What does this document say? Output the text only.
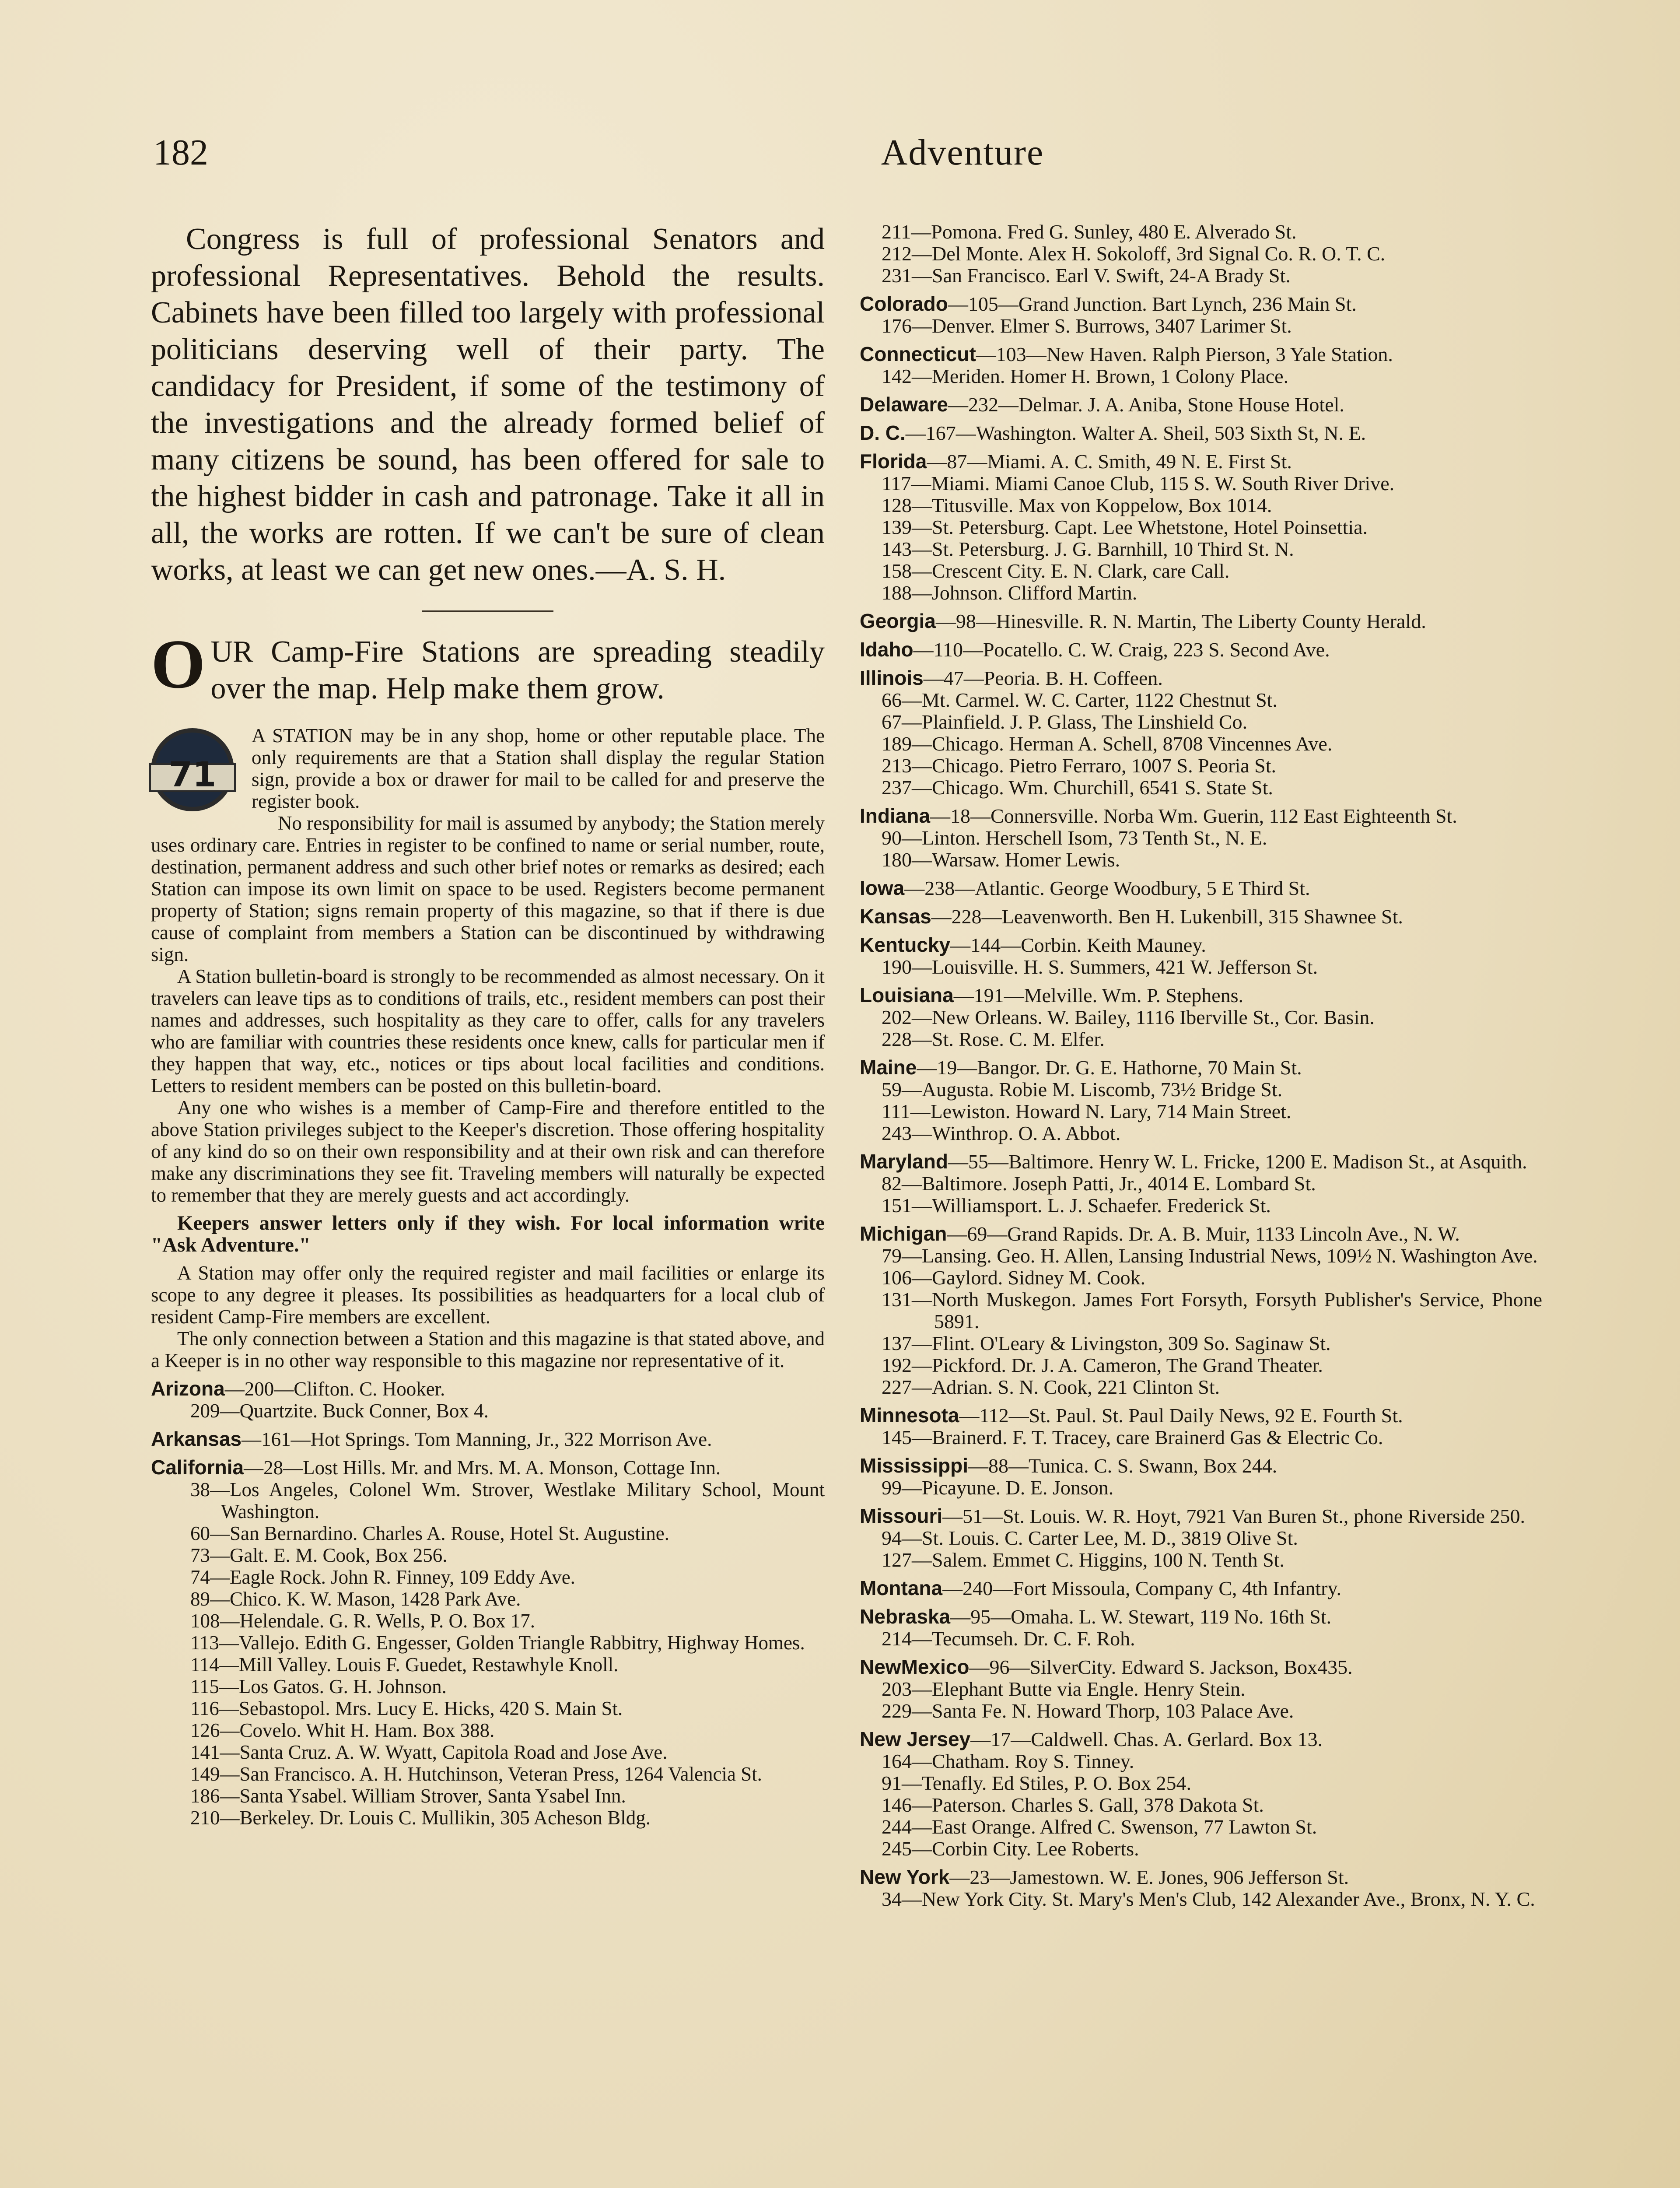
182	Adventure

Congress is full of professional Senators and professional Representatives. Behold the results. Cabinets have been filled too largely with professional politicians deserving well of their party. The candidacy for President, if some of the testimony of the investigations and the already formed belief of many citizens be sound, has been offered for sale to the highest bidder in cash and patronage. Take it all in all, the works are rotten. If we can't be sure of clean works, at least we can get new ones.—A. S. H.

OUR Camp-Fire Stations are spreading steadily over the map. Help make them grow.

71

A STATION may be in any shop, home or other reputable place. The only requirements are that a Station shall display the regular Station sign, provide a box or drawer for mail to be called for and preserve the register book.

No responsibility for mail is assumed by anybody; the Station merely uses ordinary care. Entries in register to be confined to name or serial number, route, destination, permanent address and such other brief notes or remarks as desired; each Station can impose its own limit on space to be used. Registers become permanent property of Station; signs remain property of this magazine, so that if there is due cause of complaint from members a Station can be discontinued by withdrawing sign.

A Station bulletin-board is strongly to be recommended as almost necessary. On it travelers can leave tips as to conditions of trails, etc., resident members can post their names and addresses, such hospitality as they care to offer, calls for any travelers who are familiar with countries these residents once knew, calls for particular men if they happen that way, etc., notices or tips about local facilities and conditions. Letters to resident members can be posted on this bulletin-board.

Any one who wishes is a member of Camp-Fire and therefore entitled to the above Station privileges subject to the Keeper's discretion. Those offering hospitality of any kind do so on their own responsibility and at their own risk and can therefore make any discriminations they see fit. Traveling members will naturally be expected to remember that they are merely guests and act accordingly.

Keepers answer letters only if they wish. For local information write "Ask Adventure."

A Station may offer only the required register and mail facilities or enlarge its scope to any degree it pleases. Its possibilities as headquarters for a local club of resident Camp-Fire members are excellent.

The only connection between a Station and this magazine is that stated above, and a Keeper is in no other way responsible to this magazine nor representative of it.

Arizona—200—Clifton. C. Hooker.

209—Quartzite. Buck Conner, Box 4.

Arkansas—161—Hot Springs. Tom Manning, Jr., 322 Morrison Ave.

California—28—Lost Hills. Mr. and Mrs. M. A. Monson, Cottage Inn.

38—Los Angeles, Colonel Wm. Strover, Westlake Military School, Mount Washington.

60—San Bernardino. Charles A. Rouse, Hotel St. Augustine.

73—Galt. E. M. Cook, Box 256.

74—Eagle Rock. John R. Finney, 109 Eddy Ave.

89—Chico. K. W. Mason, 1428 Park Ave.

108—Helendale. G. R. Wells, P. O. Box 17.

113—Vallejo. Edith G. Engesser, Golden Triangle Rabbitry, Highway Homes.

114—Mill Valley. Louis F. Guedet, Restawhyle Knoll.

115—Los Gatos. G. H. Johnson.

116—Sebastopol. Mrs. Lucy E. Hicks, 420 S. Main St.

126—Covelo. Whit H. Ham. Box 388.

141—Santa Cruz. A. W. Wyatt, Capitola Road and Jose Ave.

149—San Francisco. A. H. Hutchinson, Veteran Press, 1264 Valencia St.

186—Santa Ysabel. William Strover, Santa Ysabel Inn.

210—Berkeley. Dr. Louis C. Mullikin, 305 Acheson Bldg.

211—Pomona. Fred G. Sunley, 480 E. Alverado St.

212—Del Monte. Alex H. Sokoloff, 3rd Signal Co. R. O. T. C.

231—San Francisco. Earl V. Swift, 24-A Brady St.

Colorado—105—Grand Junction. Bart Lynch, 236 Main St.

176—Denver. Elmer S. Burrows, 3407 Larimer St.

Connecticut—103—New Haven. Ralph Pierson, 3 Yale Station.

142—Meriden. Homer H. Brown, 1 Colony Place.

Delaware—232—Delmar. J. A. Aniba, Stone House Hotel.

D. C.—167—Washington. Walter A. Sheil, 503 Sixth St, N. E.

Florida—87—Miami. A. C. Smith, 49 N. E. First St.

117—Miami. Miami Canoe Club, 115 S. W. South River Drive.

128—Titusville. Max von Koppelow, Box 1014.

139—St. Petersburg. Capt. Lee Whetstone, Hotel Poinsettia.

143—St. Petersburg. J. G. Barnhill, 10 Third St. N.

158—Crescent City. E. N. Clark, care Call.

188—Johnson. Clifford Martin.

Georgia—98—Hinesville. R. N. Martin, The Liberty County Herald.

Idaho—110—Pocatello. C. W. Craig, 223 S. Second Ave.

Illinois—47—Peoria. B. H. Coffeen.

66—Mt. Carmel. W. C. Carter, 1122 Chestnut St.

67—Plainfield. J. P. Glass, The Linshield Co.

189—Chicago. Herman A. Schell, 8708 Vincennes Ave.

213—Chicago. Pietro Ferraro, 1007 S. Peoria St.

237—Chicago. Wm. Churchill, 6541 S. State St.

Indiana—18—Connersville. Norba Wm. Guerin, 112 East Eighteenth St.

90—Linton. Herschell Isom, 73 Tenth St., N. E.

180—Warsaw. Homer Lewis.

Iowa—238—Atlantic. George Woodbury, 5 E Third St.

Kansas—228—Leavenworth. Ben H. Lukenbill, 315 Shawnee St.

Kentucky—144—Corbin. Keith Mauney.

190—Louisville. H. S. Summers, 421 W. Jefferson St.

Louisiana—191—Melville. Wm. P. Stephens.

202—New Orleans. W. Bailey, 1116 Iberville St., Cor. Basin.

228—St. Rose. C. M. Elfer.

Maine—19—Bangor. Dr. G. E. Hathorne, 70 Main St.

59—Augusta. Robie M. Liscomb, 73½ Bridge St.

111—Lewiston. Howard N. Lary, 714 Main Street.

243—Winthrop. O. A. Abbot.

Maryland—55—Baltimore. Henry W. L. Fricke, 1200 E. Madison St., at Asquith.

82—Baltimore. Joseph Patti, Jr., 4014 E. Lombard St.

151—Williamsport. L. J. Schaefer. Frederick St.

Michigan—69—Grand Rapids. Dr. A. B. Muir, 1133 Lincoln Ave., N. W.

79—Lansing. Geo. H. Allen, Lansing Industrial News, 109½ N. Washington Ave.

106—Gaylord. Sidney M. Cook.

131—North Muskegon. James Fort Forsyth, Forsyth Publisher's Service, Phone 5891.

137—Flint. O'Leary & Livingston, 309 So. Saginaw St.

192—Pickford. Dr. J. A. Cameron, The Grand Theater.

227—Adrian. S. N. Cook, 221 Clinton St.

Minnesota—112—St. Paul. St. Paul Daily News, 92 E. Fourth St.

145—Brainerd. F. T. Tracey, care Brainerd Gas & Electric Co.

Mississippi—88—Tunica. C. S. Swann, Box 244.

99—Picayune. D. E. Jonson.

Missouri—51—St. Louis. W. R. Hoyt, 7921 Van Buren St., phone Riverside 250.

94—St. Louis. C. Carter Lee, M. D., 3819 Olive St.

127—Salem. Emmet C. Higgins, 100 N. Tenth St.

Montana—240—Fort Missoula, Company C, 4th Infantry.

Nebraska—95—Omaha. L. W. Stewart, 119 No. 16th St.

214—Tecumseh. Dr. C. F. Roh.

NewMexico—96—SilverCity. Edward S. Jackson, Box435.

203—Elephant Butte via Engle. Henry Stein.

229—Santa Fe. N. Howard Thorp, 103 Palace Ave.

New Jersey—17—Caldwell. Chas. A. Gerlard. Box 13.

164—Chatham. Roy S. Tinney.

91—Tenafly. Ed Stiles, P. O. Box 254.

146—Paterson. Charles S. Gall, 378 Dakota St.

244—East Orange. Alfred C. Swenson, 77 Lawton St.

245—Corbin City. Lee Roberts.

New York—23—Jamestown. W. E. Jones, 906 Jefferson St.

34—New York City. St. Mary's Men's Club, 142 Alexander Ave., Bronx, N. Y. C.
